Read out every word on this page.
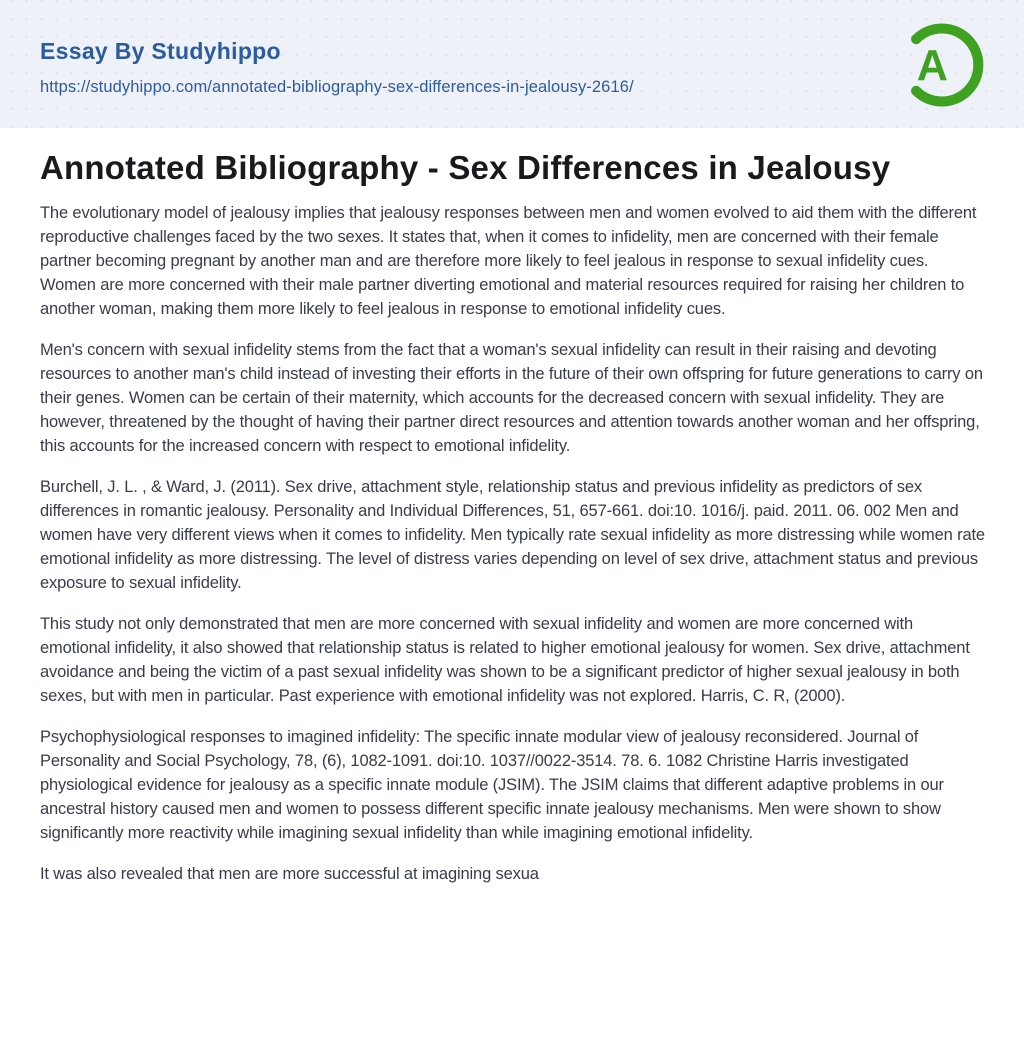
Essay By Studyhippo
https://studyhippo.com/annotated-bibliography-sex-differences-in-jealousy-2616/	A
Annotated Bibliography - Sex Differences in Jealousy

The evolutionary model of jealousy implies that jealousy responses between men and women evolved to aid them with the different reproductive challenges faced by the two sexes. It states that, when it comes to infidelity, men are concerned with their female partner becoming pregnant by another man and are therefore more likely to feel jealous in response to sexual infidelity cues. Women are more concerned with their male partner diverting emotional and material resources required for raising her children to another woman, making them more likely to feel jealous in response to emotional infidelity cues.

Men's concern with sexual infidelity stems from the fact that a woman's sexual infidelity can result in their raising and devoting resources to another man's child instead of investing their efforts in the future of their own offspring for future generations to carry on their genes. Women can be certain of their maternity, which accounts for the decreased concern with sexual infidelity. They are however, threatened by the thought of having their partner direct resources and attention towards another woman and her offspring, this accounts for the increased concern with respect to emotional infidelity.

Burchell, J. L. , & Ward, J. (2011). Sex drive, attachment style, relationship status and previous infidelity as predictors of sex differences in romantic jealousy. Personality and Individual Differences, 51, 657-661. doi:10. 1016/j. paid. 2011. 06. 002 Men and women have very different views when it comes to infidelity. Men typically rate sexual infidelity as more distressing while women rate emotional infidelity as more distressing. The level of distress varies depending on level of sex drive, attachment status and previous exposure to sexual infidelity.

This study not only demonstrated that men are more concerned with sexual infidelity and women are more concerned with emotional infidelity, it also showed that relationship status is related to higher emotional jealousy for women. Sex drive, attachment avoidance and being the victim of a past sexual infidelity was shown to be a significant predictor of higher sexual jealousy in both sexes, but with men in particular. Past experience with emotional infidelity was not explored. Harris, C. R, (2000).

Psychophysiological responses to imagined infidelity: The specific innate modular view of jealousy reconsidered. Journal of Personality and Social Psychology, 78, (6), 1082-1091. doi:10. 1037//0022-3514. 78. 6. 1082 Christine Harris investigated physiological evidence for jealousy as a specific innate module (JSIM). The JSIM claims that different adaptive problems in our ancestral history caused men and women to possess different specific innate jealousy mechanisms. Men were shown to show significantly more reactivity while imagining sexual infidelity than while imagining emotional infidelity.

It was also revealed that men are more successful at imagining sexua
